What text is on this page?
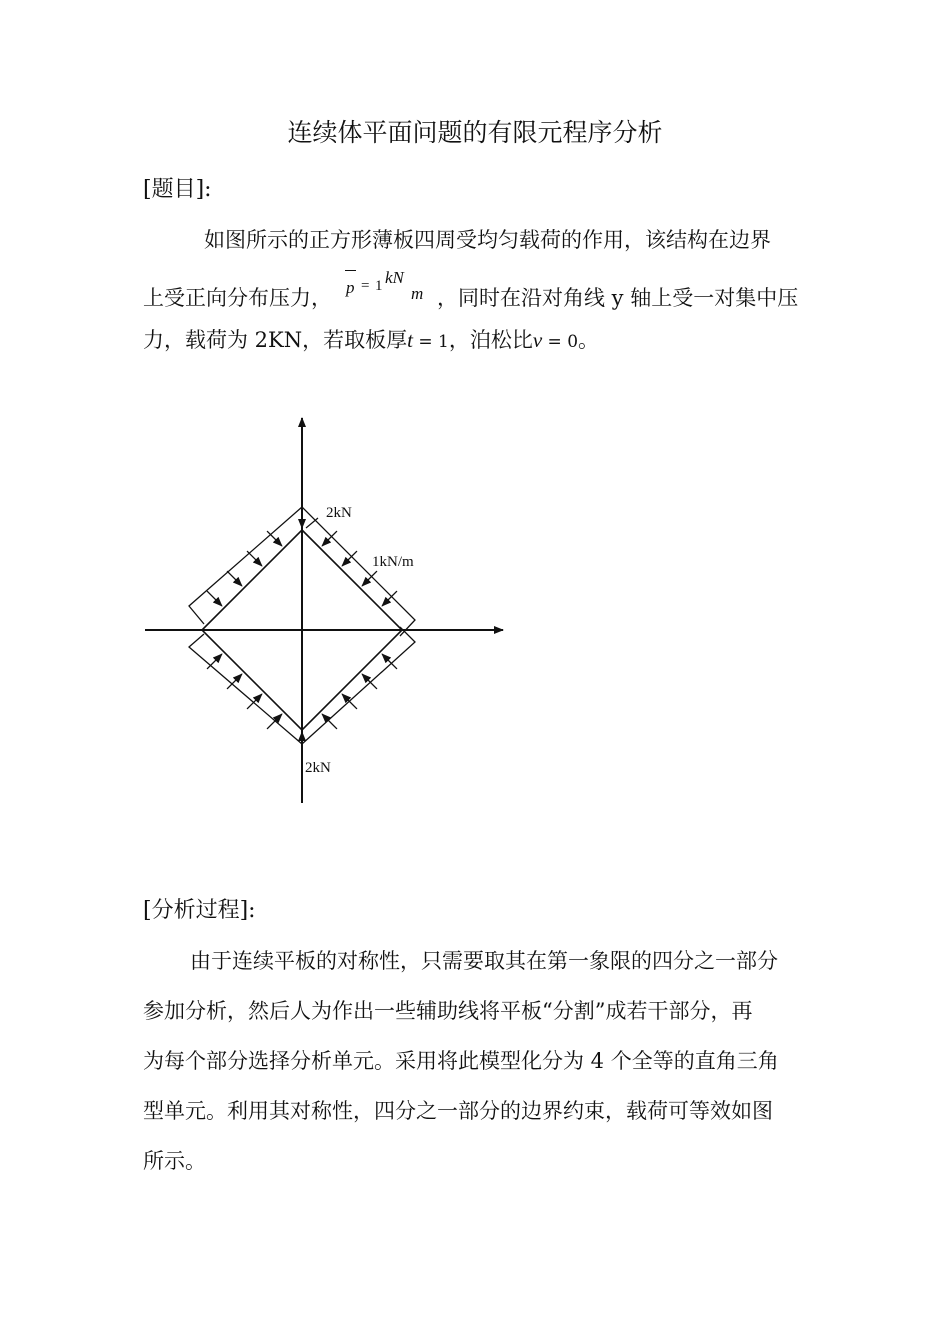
连续体平面问题的有限元程序分析
[题目]:
如图所示的正方形薄板四周受均匀载荷的作用，该结构在边界
上受正向分布压力， p = 1 kN
m ，同时在沿对角线 y 轴上受一对集中压
力，载荷为 2KN，若取板厚t = 1，泊松比v = 0。
2kN
1kN/m
2kN
[分析过程]:
由于连续平板的对称性，只需要取其在第一象限的四分之一部分
参加分析，然后人为作出一些辅助线将平板“分割”成若干部分，再
为每个部分选择分析单元。采用将此模型化分为 4 个全等的直角三角
型单元。利用其对称性，四分之一部分的边界约束，载荷可等效如图
所示。
